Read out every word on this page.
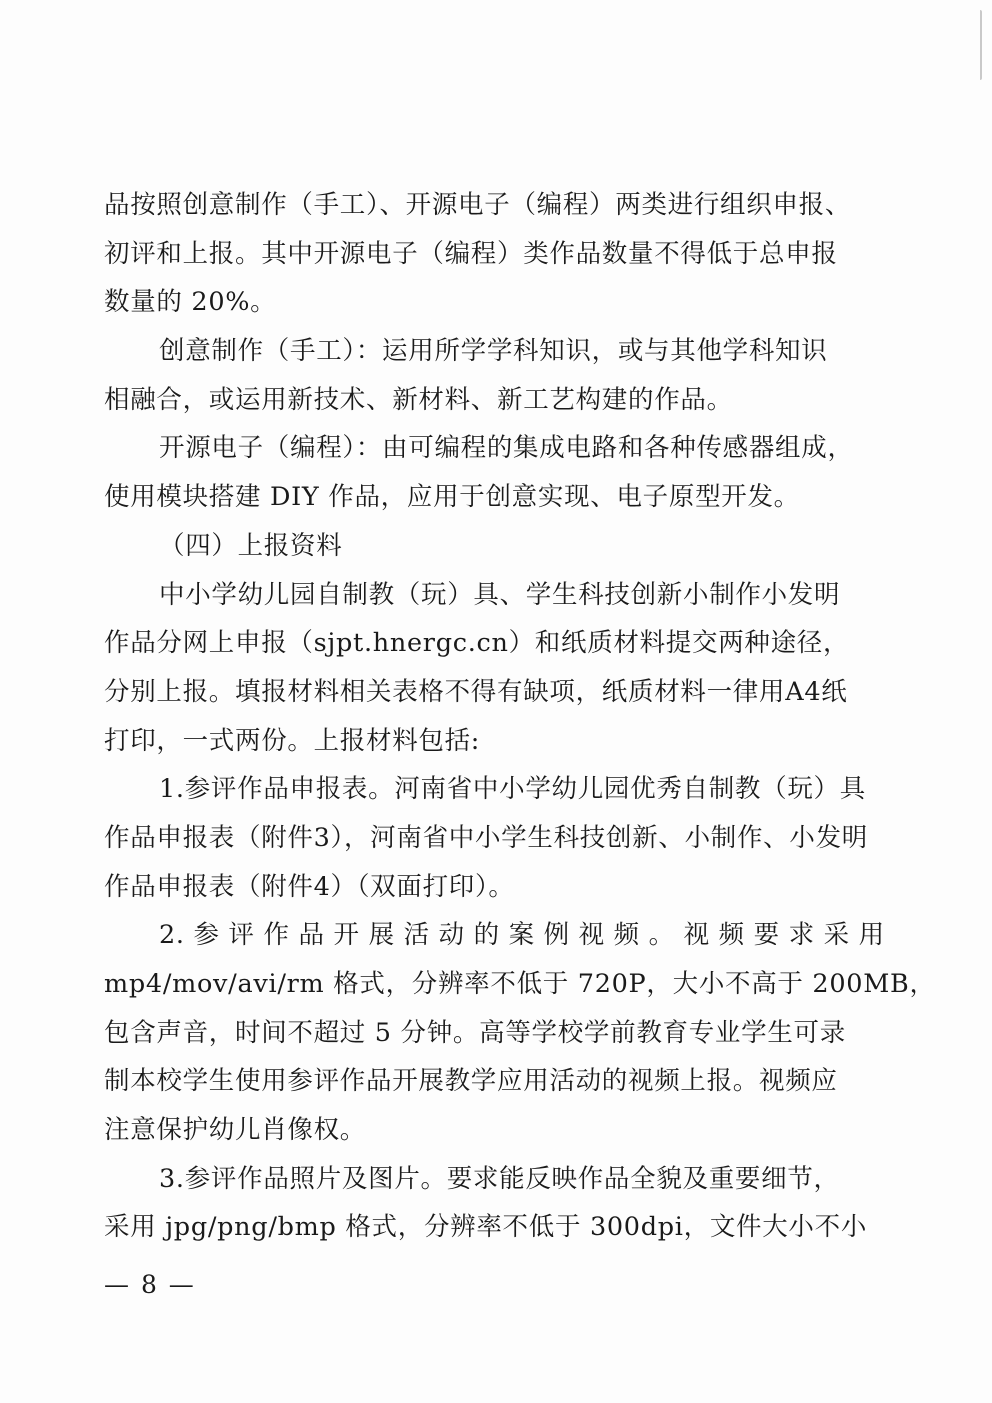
品按照创意制作（手工）、开源电子（编程）两类进行组织申报、
初评和上报。其中开源电子（编程）类作品数量不得低于总申报
数量的 20%。
创意制作（手工）：运用所学学科知识，或与其他学科知识
相融合，或运用新技术、新材料、新工艺构建的作品。
开源电子（编程）：由可编程的集成电路和各种传感器组成，
使用模块搭建 DIY 作品，应用于创意实现、电子原型开发。
（四）上报资料
中小学幼儿园自制教（玩）具、学生科技创新小制作小发明
作品分网上申报（sjpt.hnergc.cn）和纸质材料提交两种途径，
分别上报。填报材料相关表格不得有缺项，纸质材料一律用A4纸
打印，一式两份。上报材料包括:
1.参评作品申报表。河南省中小学幼儿园优秀自制教（玩）具
作品申报表（附件3），河南省中小学生科技创新、小制作、小发明
作品申报表（附件4）（双面打印）。
2. 参 评 作 品 开 展 活 动 的 案 例 视 频 。 视 频 要 求 采 用
mp4/mov/avi/rm 格式，分辨率不低于 720P，大小不高于 200MB，
包含声音，时间不超过 5 分钟。高等学校学前教育专业学生可录
制本校学生使用参评作品开展教学应用活动的视频上报。视频应
注意保护幼儿肖像权。
3.参评作品照片及图片。要求能反映作品全貌及重要细节，
采用 jpg/png/bmp 格式，分辨率不低于 300dpi，文件大小不小
— 8 —
